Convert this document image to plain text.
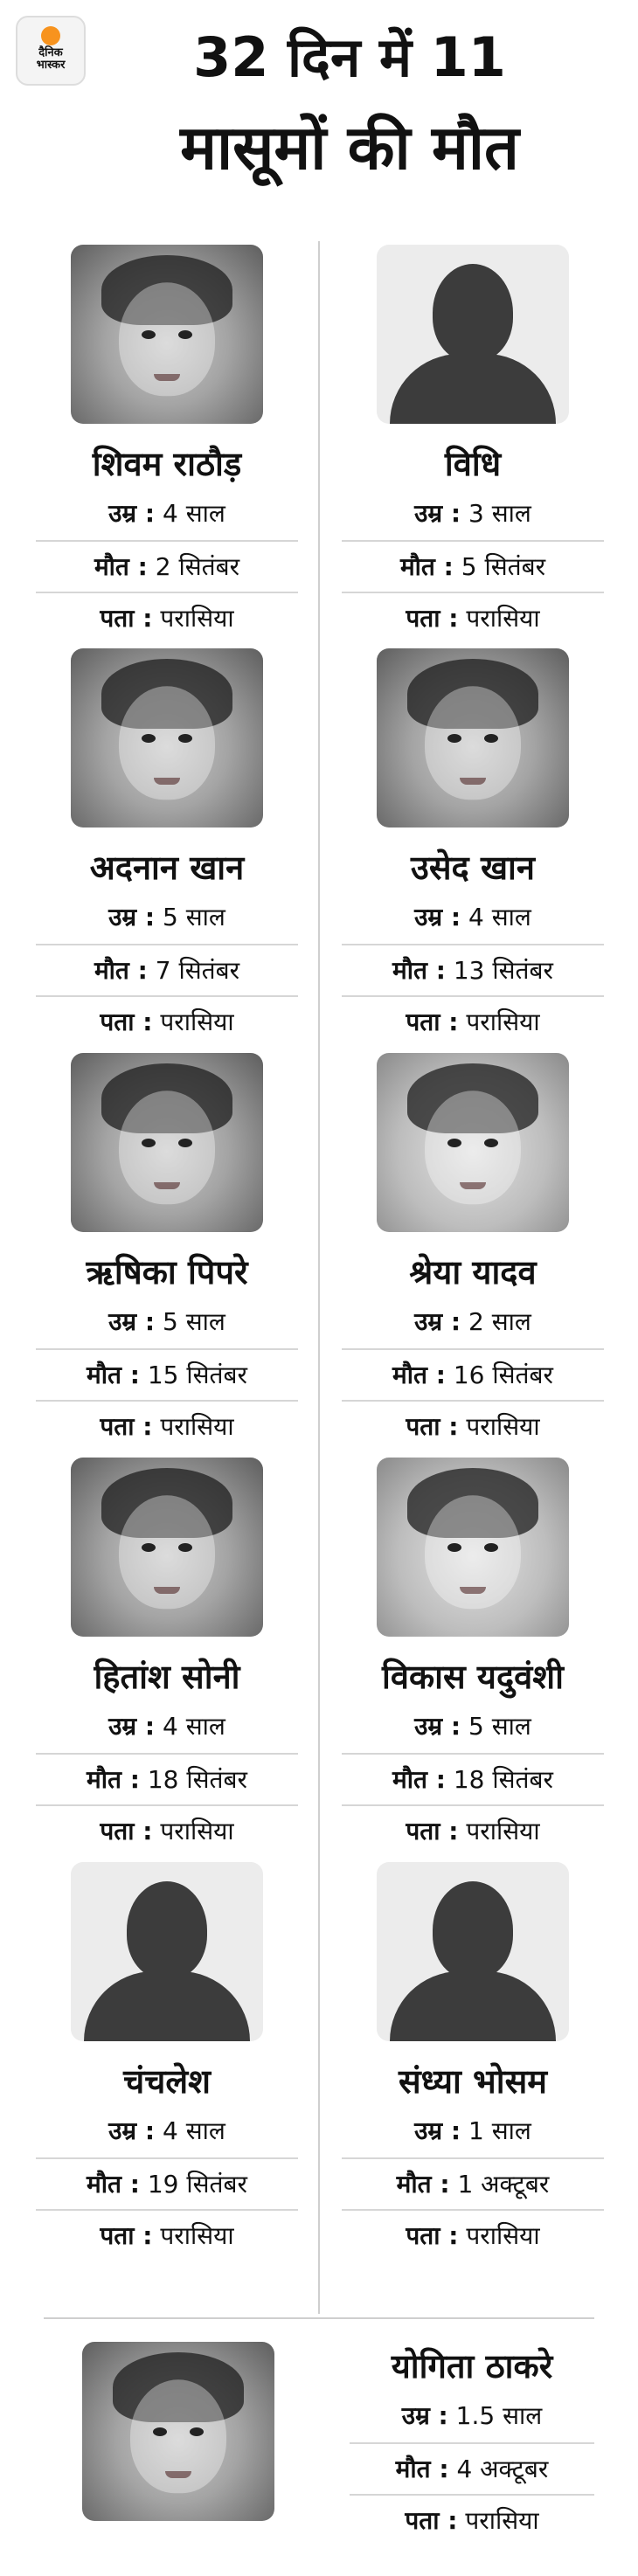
दैनिक
भास्कर	32 दिन में 11
मासूमों की मौत
शिवम राठौड़
उम्र : 4 साल
मौत : 2 सितंबर
पता : परासिया
विधि
उम्र : 3 साल
मौत : 5 सितंबर
पता : परासिया
अदनान खान
उम्र : 5 साल
मौत : 7 सितंबर
पता : परासिया
उसेद खान
उम्र : 4 साल
मौत : 13 सितंबर
पता : परासिया
ऋषिका पिपरे
उम्र : 5 साल
मौत : 15 सितंबर
पता : परासिया
श्रेया यादव
उम्र : 2 साल
मौत : 16 सितंबर
पता : परासिया
हितांश सोनी
उम्र : 4 साल
मौत : 18 सितंबर
पता : परासिया
विकास यदुवंशी
उम्र : 5 साल
मौत : 18 सितंबर
पता : परासिया
चंचलेश
उम्र : 4 साल
मौत : 19 सितंबर
पता : परासिया
संध्या भोसम
उम्र : 1 साल
मौत : 1 अक्टूबर
पता : परासिया
योगिता ठाकरे
उम्र : 1.5 साल
मौत : 4 अक्टूबर
पता : परासिया
